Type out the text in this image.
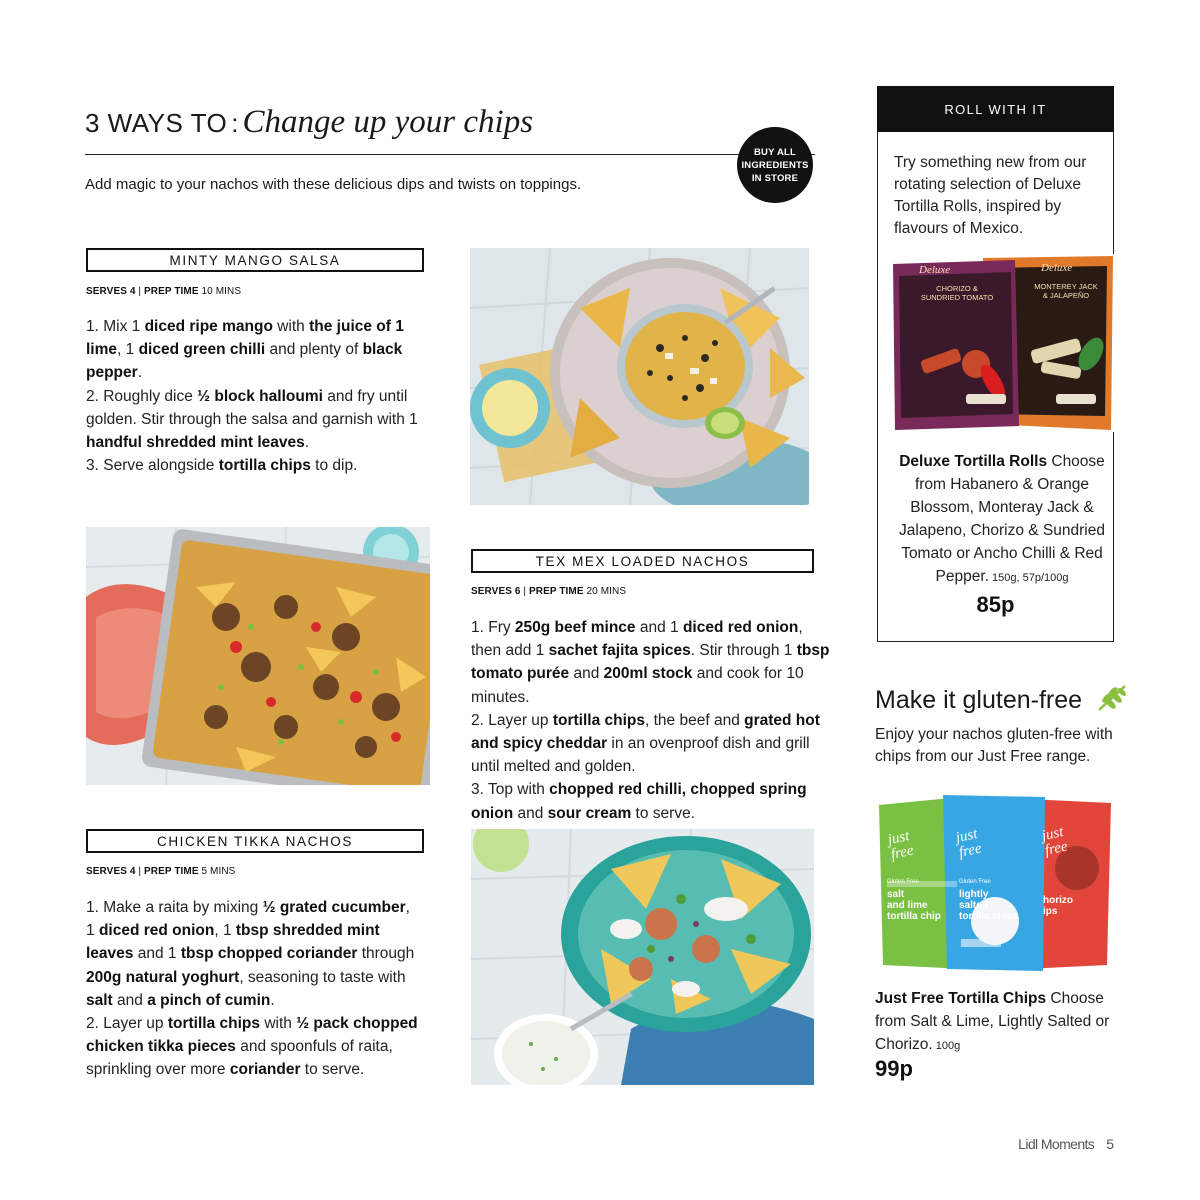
3 WAYS TO : Change up your chips
BUY ALL
INGREDIENTS
IN STORE
Add magic to your nachos with these delicious dips and twists on toppings.
MINTY MANGO SALSA
SERVES 4 | PREP TIME 10 MINS
1. Mix 1 diced ripe mango with the juice of 1 lime, 1 diced green chilli and plenty of black pepper.
2. Roughly dice ½ block halloumi and fry until golden. Stir through the salsa and garnish with 1 handful shredded mint leaves.
3. Serve alongside tortilla chips to dip.
TEX MEX LOADED NACHOS
SERVES 6 | PREP TIME 20 MINS
1. Fry 250g beef mince and 1 diced red onion, then add 1 sachet fajita spices. Stir through 1 tbsp tomato purée and 200ml stock and cook for 10 minutes.
2. Layer up tortilla chips, the beef and grated hot and spicy cheddar in an ovenproof dish and grill until melted and golden.
3. Top with chopped red chilli, chopped spring onion and sour cream to serve.
CHICKEN TIKKA NACHOS
SERVES 4 | PREP TIME 5 MINS
1. Make a raita by mixing ½ grated cucumber, 1 diced red onion, 1 tbsp shredded mint leaves and 1 tbsp chopped coriander through 200g natural yoghurt, seasoning to taste with salt and a pinch of cumin.
2. Layer up tortilla chips with ½ pack chopped chicken tikka pieces and spoonfuls of raita, sprinkling over more coriander to serve.
ROLL WITH IT
Try something new from our rotating selection of Deluxe Tortilla Rolls, inspired by flavours of Mexico.
Deluxe
CHORIZO &
SUNDRIED TOMATO
Deluxe
MONTEREY JACK
& JALAPEÑO
Deluxe Tortilla Rolls Choose from Habanero & Orange Blossom, Monteray Jack & Jalapeno, Chorizo & Sundried Tomato or Ancho Chilli & Red Pepper. 150g, 57p/100g
85p
Make it gluten-free
Enjoy your nachos gluten-free with chips from our Just Free range.
just
free
just
free
just
free
Gluten Free	Gluten Free
salt
and lime
tortilla chip
lightly
salted
tortilla chips
horizo
ips
Just Free Tortilla Chips Choose from Salt & Lime, Lightly Salted or Chorizo. 100g
99p
Lidl Moments 5
